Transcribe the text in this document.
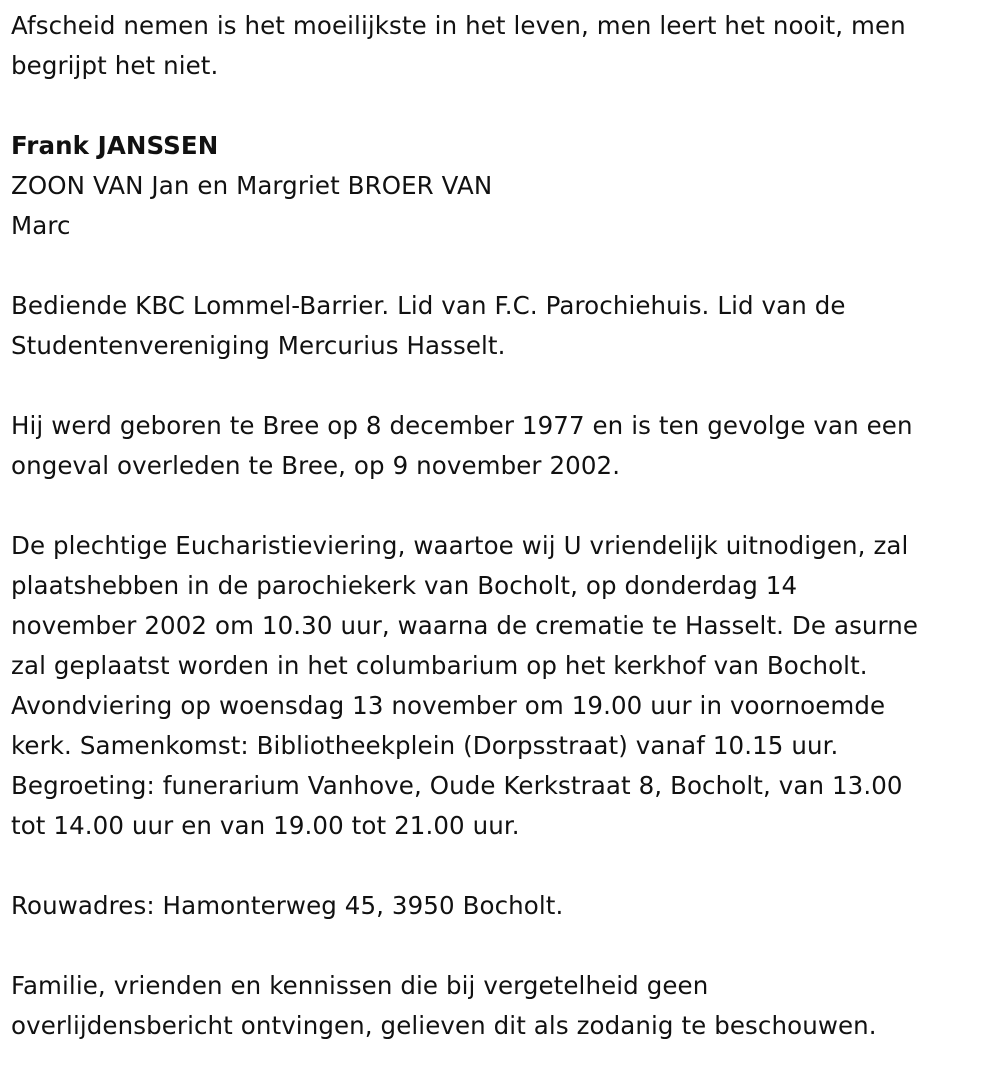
Afscheid nemen is het moeilijkste in het leven, men leert het nooit, men

begrijpt het niet.

Frank JANSSEN

ZOON VAN Jan en Margriet BROER VAN

Marc

Bediende KBC Lommel-Barrier. Lid van F.C. Parochiehuis. Lid van de

Studentenvereniging Mercurius Hasselt.

Hij werd geboren te Bree op 8 december 1977 en is ten gevolge van een

ongeval overleden te Bree, op 9 november 2002.

De plechtige Eucharistieviering, waartoe wij U vriendelijk uitnodigen, zal

plaatshebben in de parochiekerk van Bocholt, op donderdag 14

november 2002 om 10.30 uur, waarna de crematie te Hasselt. De asurne

zal geplaatst worden in het columbarium op het kerkhof van Bocholt.

Avondviering op woensdag 13 november om 19.00 uur in voornoemde

kerk. Samenkomst: Bibliotheekplein (Dorpsstraat) vanaf 10.15 uur.

Begroeting: funerarium Vanhove, Oude Kerkstraat 8, Bocholt, van 13.00

tot 14.00 uur en van 19.00 tot 21.00 uur.

Rouwadres: Hamonterweg 45, 3950 Bocholt.

Familie, vrienden en kennissen die bij vergetelheid geen

overlijdensbericht ontvingen, gelieven dit als zodanig te beschouwen.
